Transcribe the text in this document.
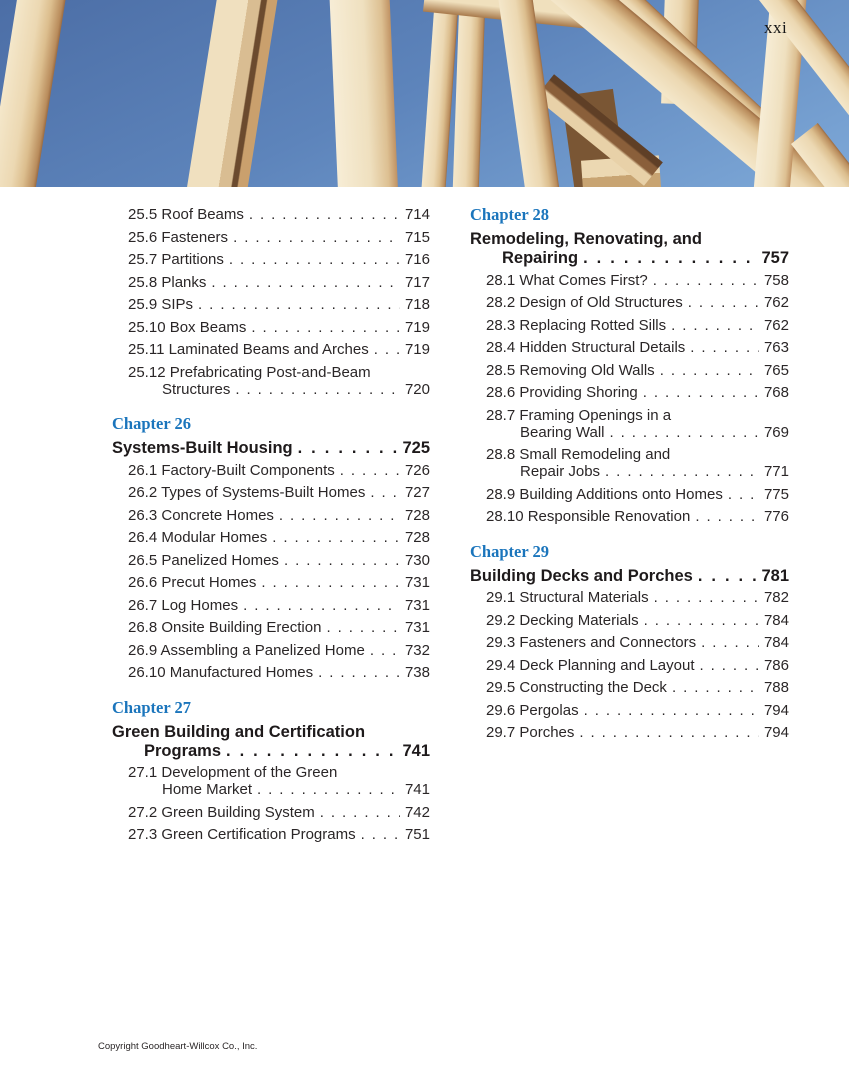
xxi
25.5 Roof Beams . . .	714
25.6 Fasteners . . .	715
25.7 Partitions . . .	716
25.8 Planks . . .	717
25.9 SIPs . . .	718
25.10 Box Beams . . .	719
25.11 Laminated Beams and Arches . . . 719
25.12 Prefabricating Post-and-Beam
Structures . . .	720
Chapter 26
Systems-Built Housing . . .	725
26.1 Factory-Built Components . . .	726
26.2 Types of Systems-Built Homes . . .	727
26.3 Concrete Homes . . .	728
26.4 Modular Homes . . .	728
26.5 Panelized Homes . . .	730
26.6 Precut Homes . . .	731
26.7 Log Homes . . .	731
26.8 Onsite Building Erection . . .	731
26.9 Assembling a Panelized Home . . .	732
26.10 Manufactured Homes . . .	738
Chapter 27
Green Building and Certification
Programs . . .	741
27.1 Development of the Green
Home Market . . .	741
27.2 Green Building System . . .	742
27.3 Green Certification Programs . . .	751
Chapter 28
Remodeling, Renovating, and
Repairing . . .	757
28.1 What Comes First? . . .	758
28.2 Design of Old Structures . . .	762
28.3 Replacing Rotted Sills . . .	762
28.4 Hidden Structural Details . . .	763
28.5 Removing Old Walls . . .	765
28.6 Providing Shoring . . .	768
28.7 Framing Openings in a
Bearing Wall . . .	769
28.8 Small Remodeling and
Repair Jobs . . .	771
28.9 Building Additions onto Homes . . .	775
28.10 Responsible Renovation . . .	776
Chapter 29
Building Decks and Porches . . .	781
29.1 Structural Materials . . .	782
29.2 Decking Materials . . .	784
29.3 Fasteners and Connectors . . .	784
29.4 Deck Planning and Layout . . .	786
29.5 Constructing the Deck . . .	788
29.6 Pergolas . . .	794
29.7 Porches . . .	794
Copyright Goodheart-Willcox Co., Inc.
